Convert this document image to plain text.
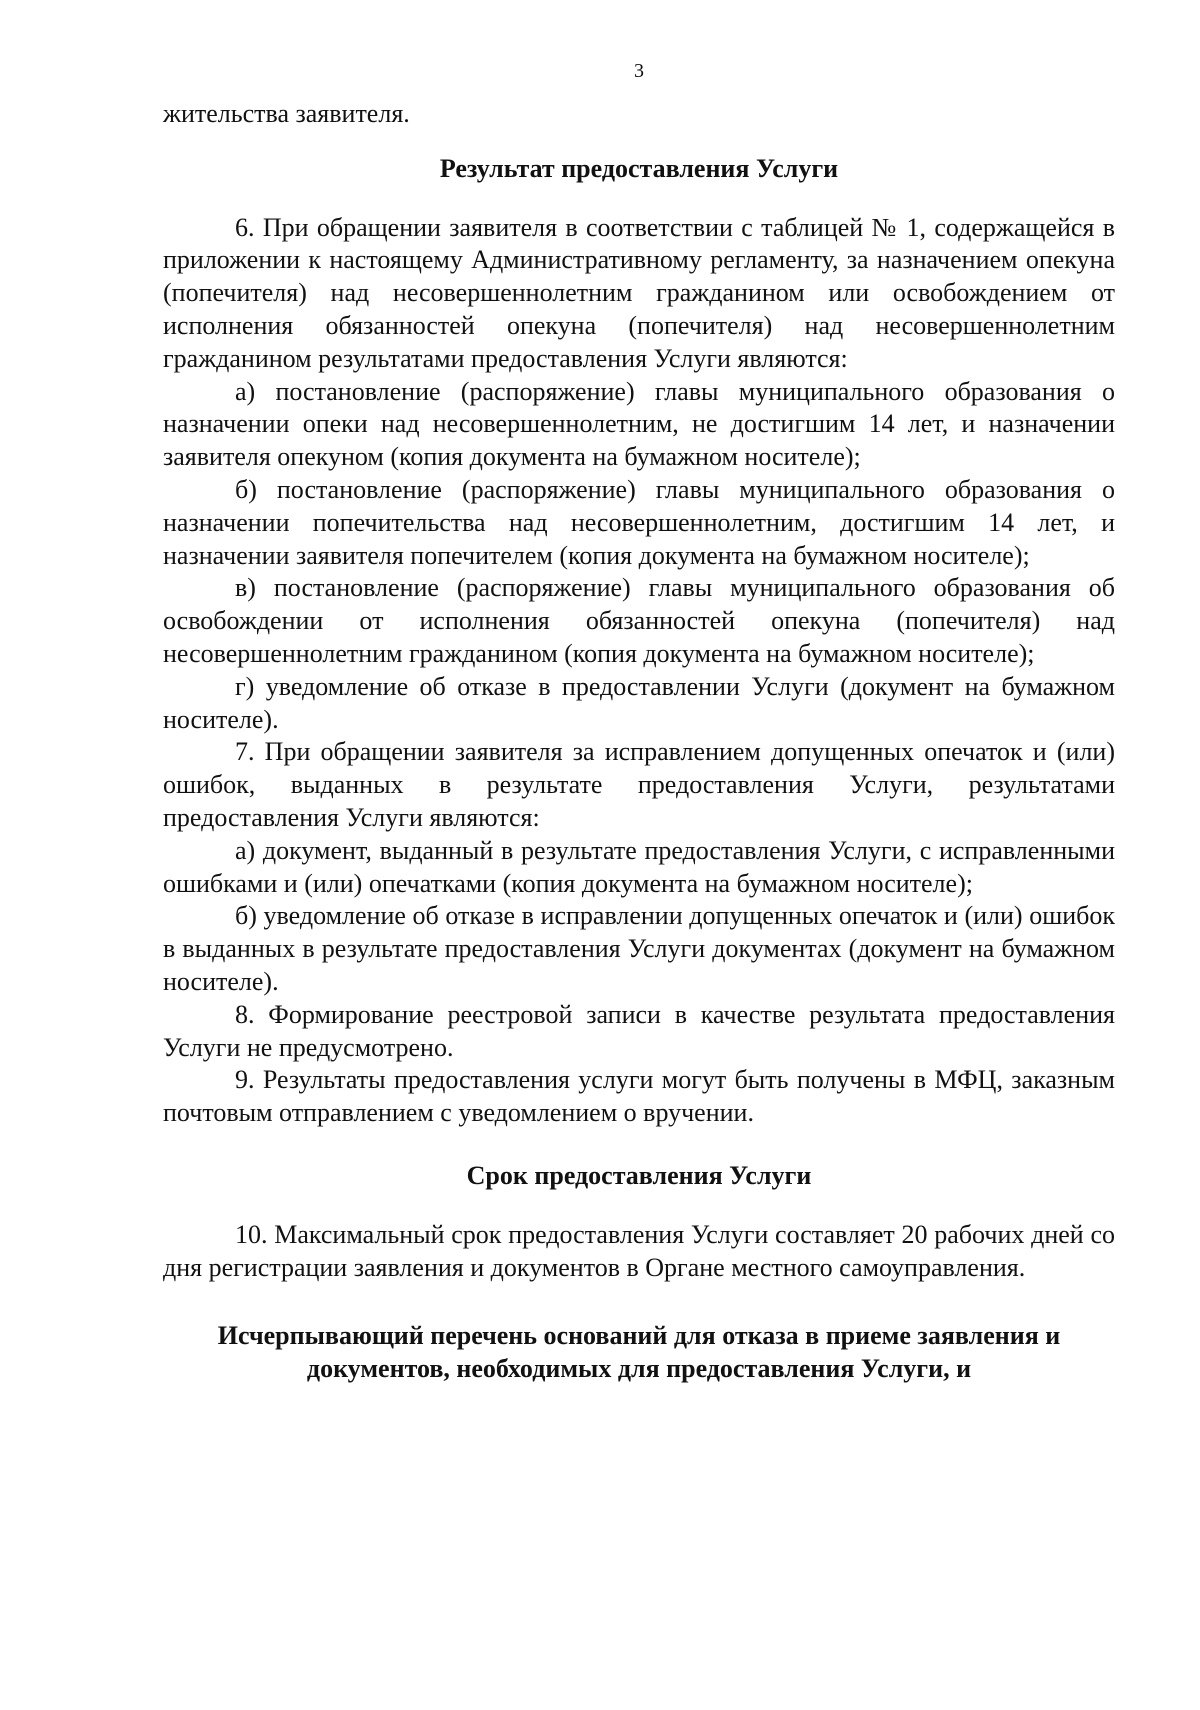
3

жительства заявителя.

Результат предоставления Услуги

6. При обращении заявителя в соответствии с таблицей № 1, содержащейся в приложении к настоящему Административному регламенту, за назначением опекуна (попечителя) над несовершеннолетним гражданином или освобождением от исполнения обязанностей опекуна (попечителя) над несовершеннолетним гражданином результатами предоставления Услуги являются:

а) постановление (распоряжение) главы муниципального образования о назначении опеки над несовершеннолетним, не достигшим 14 лет, и назначении заявителя опекуном (копия документа на бумажном носителе);

б) постановление (распоряжение) главы муниципального образования о назначении попечительства над несовершеннолетним, достигшим 14 лет, и назначении заявителя попечителем (копия документа на бумажном носителе);

в) постановление (распоряжение) главы муниципального образования об освобождении от исполнения обязанностей опекуна (попечителя) над несовершеннолетним гражданином (копия документа на бумажном носителе);

г) уведомление об отказе в предоставлении Услуги (документ на бумажном носителе).

7. При обращении заявителя за исправлением допущенных опечаток и (или) ошибок, выданных в результате предоставления Услуги, результатами предоставления Услуги являются:

а) документ, выданный в результате предоставления Услуги, с исправленными ошибками и (или) опечатками (копия документа на бумажном носителе);

б) уведомление об отказе в исправлении допущенных опечаток и (или) ошибок в выданных в результате предоставления Услуги документах (документ на бумажном носителе).

8. Формирование реестровой записи в качестве результата предоставления Услуги не предусмотрено.

9. Результаты предоставления услуги могут быть получены в МФЦ, заказным почтовым отправлением с уведомлением о вручении.

Срок предоставления Услуги

10. Максимальный срок предоставления Услуги составляет 20 рабочих дней со дня регистрации заявления и документов в Органе местного самоуправления.

Исчерпывающий перечень оснований для отказа в приеме заявления и
документов, необходимых для предоставления Услуги, и
